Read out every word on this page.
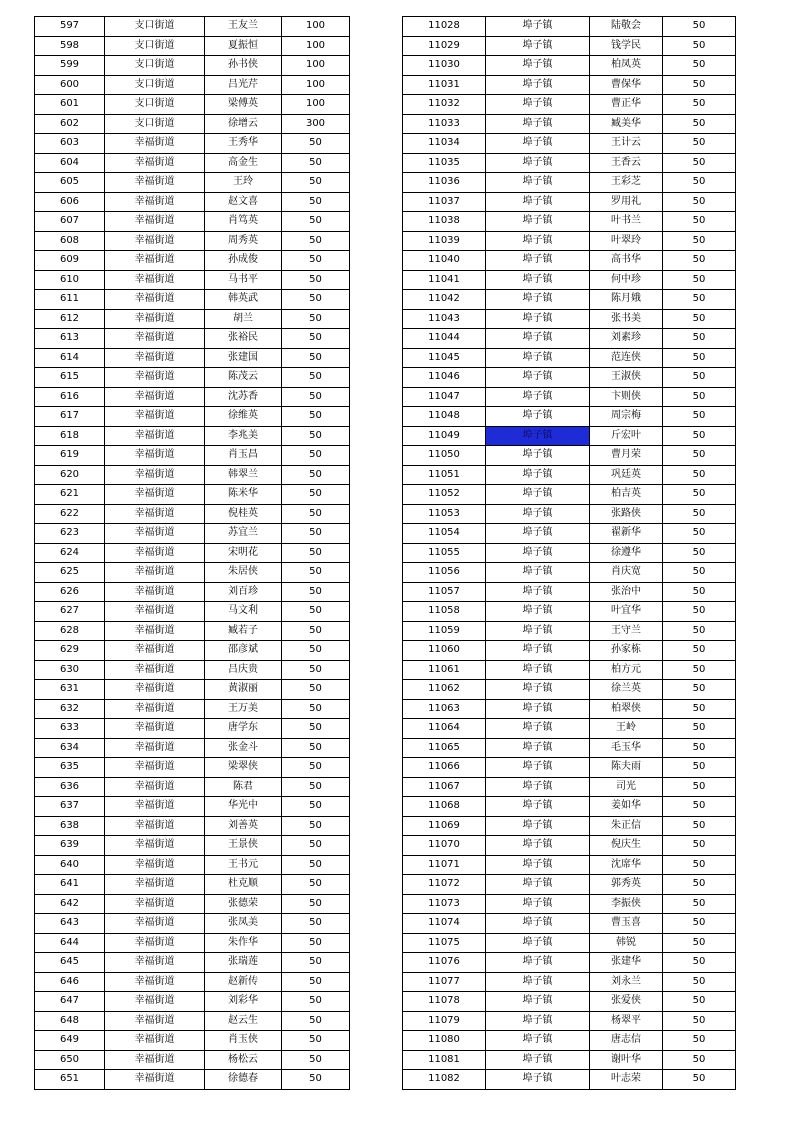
597	支口街道	王友兰	100
598	支口街道	夏振恒	100
599	支口街道	孙书侠	100
600	支口街道	吕光芹	100
601	支口街道	梁傅英	100
602	支口街道	徐增云	300
603	幸福街道	王秀华	50
604	幸福街道	高金生	50
605	幸福街道	王玲	50
606	幸福街道	赵文喜	50
607	幸福街道	肖笃英	50
608	幸福街道	周秀英	50
609	幸福街道	孙成俊	50
610	幸福街道	马书平	50
611	幸福街道	韩英武	50
612	幸福街道	胡兰	50
613	幸福街道	张裕民	50
614	幸福街道	张建国	50
615	幸福街道	陈茂云	50
616	幸福街道	沈苏香	50
617	幸福街道	徐维英	50
618	幸福街道	李兆美	50
619	幸福街道	肖玉昌	50
620	幸福街道	韩翠兰	50
621	幸福街道	陈米华	50
622	幸福街道	倪桂英	50
623	幸福街道	苏宜兰	50
624	幸福街道	宋明花	50
625	幸福街道	朱居侠	50
626	幸福街道	刘百珍	50
627	幸福街道	马文利	50
628	幸福街道	臧若子	50
629	幸福街道	邵彦斌	50
630	幸福街道	吕庆贵	50
631	幸福街道	黄淑丽	50
632	幸福街道	王万美	50
633	幸福街道	唐学东	50
634	幸福街道	张金斗	50
635	幸福街道	梁翠侠	50
636	幸福街道	陈君	50
637	幸福街道	华光中	50
638	幸福街道	刘善英	50
639	幸福街道	王景侠	50
640	幸福街道	王书元	50
641	幸福街道	杜克顺	50
642	幸福街道	张德荣	50
643	幸福街道	张凤美	50
644	幸福街道	朱作华	50
645	幸福街道	张瑞莲	50
646	幸福街道	赵新传	50
647	幸福街道	刘彩华	50
648	幸福街道	赵云生	50
649	幸福街道	肖玉侠	50
650	幸福街道	杨松云	50
651	幸福街道	徐德春	50
11028	埠子镇	陆敬会	50
11029	埠子镇	钱学民	50
11030	埠子镇	柏凤英	50
11031	埠子镇	曹保华	50
11032	埠子镇	曹正华	50
11033	埠子镇	臧美华	50
11034	埠子镇	王计云	50
11035	埠子镇	王香云	50
11036	埠子镇	王彩芝	50
11037	埠子镇	罗用礼	50
11038	埠子镇	叶书兰	50
11039	埠子镇	叶翠玲	50
11040	埠子镇	高书华	50
11041	埠子镇	何中珍	50
11042	埠子镇	陈月娥	50
11043	埠子镇	张书美	50
11044	埠子镇	刘素珍	50
11045	埠子镇	范连侠	50
11046	埠子镇	王淑侠	50
11047	埠子镇	卞则侠	50
11048	埠子镇	周宗梅	50
11049	埠子镇	斤宏叶	50
11050	埠子镇	曹月荣	50
11051	埠子镇	巩廷英	50
11052	埠子镇	柏吉英	50
11053	埠子镇	张路侠	50
11054	埠子镇	翟新华	50
11055	埠子镇	徐遵华	50
11056	埠子镇	肖庆宽	50
11057	埠子镇	张治中	50
11058	埠子镇	叶宜华	50
11059	埠子镇	王守兰	50
11060	埠子镇	孙家栋	50
11061	埠子镇	柏方元	50
11062	埠子镇	徐兰英	50
11063	埠子镇	柏翠侠	50
11064	埠子镇	王岭	50
11065	埠子镇	毛玉华	50
11066	埠子镇	陈夫雨	50
11067	埠子镇	司光	50
11068	埠子镇	姜如华	50
11069	埠子镇	朱正信	50
11070	埠子镇	倪庆生	50
11071	埠子镇	沈席华	50
11072	埠子镇	郭秀英	50
11073	埠子镇	李振侠	50
11074	埠子镇	曹玉喜	50
11075	埠子镇	韩锐	50
11076	埠子镇	张建华	50
11077	埠子镇	刘永兰	50
11078	埠子镇	张爱侠	50
11079	埠子镇	杨翠平	50
11080	埠子镇	唐志信	50
11081	埠子镇	谢叶华	50
11082	埠子镇	叶志荣	50
